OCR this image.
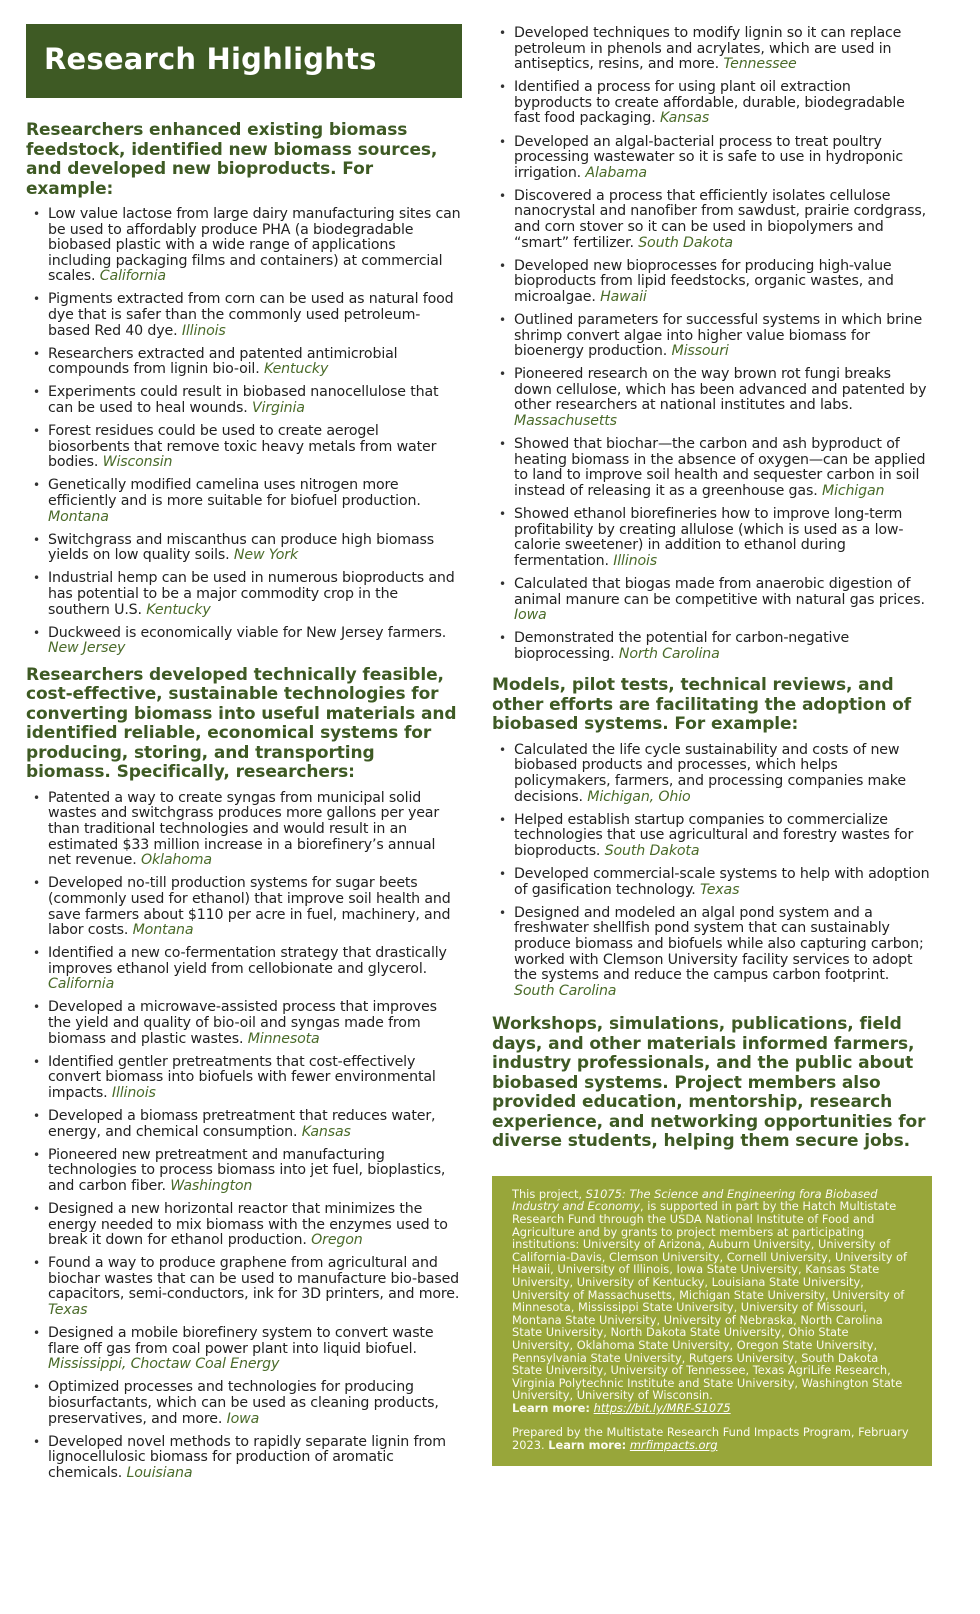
Research Highlights
Researchers enhanced existing biomass feedstock, identified new biomass sources, and developed new bioproducts. For example:
• Low value lactose from large dairy manufacturing sites can be used to affordably produce PHA (a biodegradable biobased plastic with a wide range of applications including packaging films and containers) at commercial scales. California
• Pigments extracted from corn can be used as natural food dye that is safer than the commonly used petroleum-based Red 40 dye. Illinois
• Researchers extracted and patented antimicrobial compounds from lignin bio-oil. Kentucky
• Experiments could result in biobased nanocellulose that can be used to heal wounds. Virginia
• Forest residues could be used to create aerogel biosorbents that remove toxic heavy metals from water bodies. Wisconsin
• Genetically modified camelina uses nitrogen more efficiently and is more suitable for biofuel production. Montana
• Switchgrass and miscanthus can produce high biomass yields on low quality soils. New York
• Industrial hemp can be used in numerous bioproducts and has potential to be a major commodity crop in the southern U.S. Kentucky
• Duckweed is economically viable for New Jersey farmers. New Jersey
Researchers developed technically feasible, cost-effective, sustainable technologies for converting biomass into useful materials and identified reliable, economical systems for producing, storing, and transporting biomass. Specifically, researchers:
• Patented a way to create syngas from municipal solid wastes and switchgrass produces more gallons per year than traditional technologies and would result in an estimated $33 million increase in a biorefinery’s annual net revenue. Oklahoma
• Developed no-till production systems for sugar beets (commonly used for ethanol) that improve soil health and save farmers about $110 per acre in fuel, machinery, and labor costs. Montana
• Identified a new co-fermentation strategy that drastically improves ethanol yield from cellobionate and glycerol. California
• Developed a microwave-assisted process that improves the yield and quality of bio-oil and syngas made from biomass and plastic wastes. Minnesota
• Identified gentler pretreatments that cost-effectively convert biomass into biofuels with fewer environmental impacts. Illinois
• Developed a biomass pretreatment that reduces water, energy, and chemical consumption. Kansas
• Pioneered new pretreatment and manufacturing technologies to process biomass into jet fuel, bioplastics, and carbon fiber. Washington
• Designed a new horizontal reactor that minimizes the energy needed to mix biomass with the enzymes used to break it down for ethanol production. Oregon
• Found a way to produce graphene from agricultural and biochar wastes that can be used to manufacture bio-based capacitors, semi-conductors, ink for 3D printers, and more. Texas
• Designed a mobile biorefinery system to convert waste flare off gas from coal power plant into liquid biofuel. Mississippi, Choctaw Coal Energy
• Optimized processes and technologies for producing biosurfactants, which can be used as cleaning products, preservatives, and more. Iowa
• Developed novel methods to rapidly separate lignin from lignocellulosic biomass for production of aromatic chemicals. Louisiana
• Developed techniques to modify lignin so it can replace petroleum in phenols and acrylates, which are used in antiseptics, resins, and more. Tennessee
• Identified a process for using plant oil extraction byproducts to create affordable, durable, biodegradable fast food packaging. Kansas
• Developed an algal-bacterial process to treat poultry processing wastewater so it is safe to use in hydroponic irrigation. Alabama
• Discovered a process that efficiently isolates cellulose nanocrystal and nanofiber from sawdust, prairie cordgrass, and corn stover so it can be used in biopolymers and “smart” fertilizer. South Dakota
• Developed new bioprocesses for producing high-value bioproducts from lipid feedstocks, organic wastes, and microalgae. Hawaii
• Outlined parameters for successful systems in which brine shrimp convert algae into higher value biomass for bioenergy production. Missouri
• Pioneered research on the way brown rot fungi breaks down cellulose, which has been advanced and patented by other researchers at national institutes and labs. Massachusetts
• Showed that biochar—the carbon and ash byproduct of heating biomass in the absence of oxygen—can be applied to land to improve soil health and sequester carbon in soil instead of releasing it as a greenhouse gas. Michigan
• Showed ethanol biorefineries how to improve long-term profitability by creating allulose (which is used as a low-calorie sweetener) in addition to ethanol during fermentation. Illinois
• Calculated that biogas made from anaerobic digestion of animal manure can be competitive with natural gas prices. Iowa
• Demonstrated the potential for carbon-negative bioprocessing. North Carolina
Models, pilot tests, technical reviews, and other efforts are facilitating the adoption of biobased systems. For example:
• Calculated the life cycle sustainability and costs of new biobased products and processes, which helps policymakers, farmers, and processing companies make decisions. Michigan, Ohio
• Helped establish startup companies to commercialize technologies that use agricultural and forestry wastes for bioproducts. South Dakota
• Developed commercial-scale systems to help with adoption of gasification technology. Texas
• Designed and modeled an algal pond system and a freshwater shellfish pond system that can sustainably produce biomass and biofuels while also capturing carbon; worked with Clemson University facility services to adopt the systems and reduce the campus carbon footprint. South Carolina
Workshops, simulations, publications, field days, and other materials informed farmers, industry professionals, and the public about biobased systems. Project members also provided education, mentorship, research experience, and networking opportunities for diverse students, helping them secure jobs.

This project, S1075: The Science and Engineering fora Biobased Industry and Economy, is supported in part by the Hatch Multistate Research Fund through the USDA National Institute of Food and Agriculture and by grants to project members at participating institutions: University of Arizona, Auburn University, University of California-Davis, Clemson University, Cornell University, University of Hawaii, University of Illinois, Iowa State University, Kansas State University, University of Kentucky, Louisiana State University, University of Massachusetts, Michigan State University, University of Minnesota, Mississippi State University, University of Missouri, Montana State University, University of Nebraska, North Carolina State University, North Dakota State University, Ohio State University, Oklahoma State University, Oregon State University, Pennsylvania State University, Rutgers University, South Dakota State University, University of Tennessee, Texas AgriLife Research, Virginia Polytechnic Institute and State University, Washington State University, University of Wisconsin.
Learn more: https://bit.ly/MRF-S1075

Prepared by the Multistate Research Fund Impacts Program, February 2023. Learn more: mrfimpacts.org
